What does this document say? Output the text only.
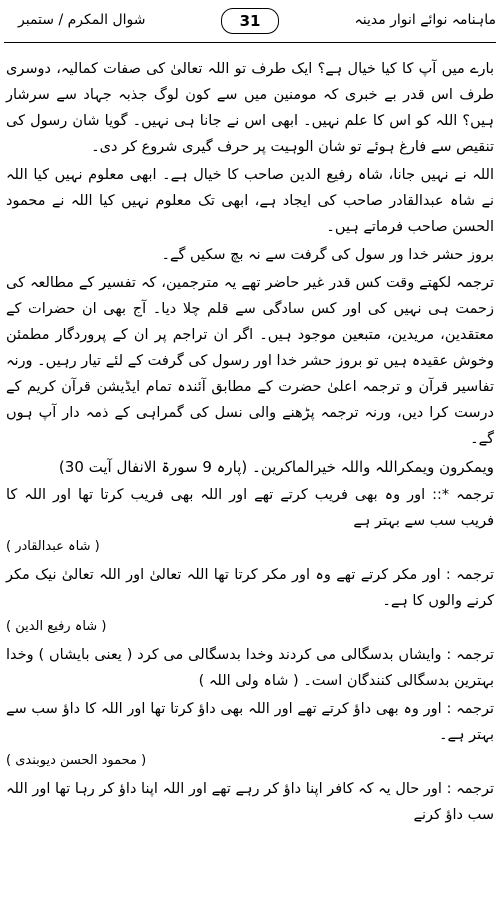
ماہنامہ نوائے انوار مدینہ
31
شوال المکرم / ستمبر

بارے میں آپ کا کیا خیال ہے؟ ایک طرف تو اللہ تعالیٰ کی صفات کمالیہ، دوسری طرف اس قدر بے خبری کہ مومنین میں سے کون لوگ جذبہ جہاد سے سرشار ہیں؟ اللہ کو اس کا علم نہیں۔ ابھی اس نے جانا ہی نہیں۔ گویا شان رسول کی تنقیص سے فارغ ہوئے تو شان الوہیت پر حرف گیری شروع کر دی۔

اللہ نے نہیں جانا، شاہ رفیع الدین صاحب کا خیال ہے۔ ابھی معلوم نہیں کیا اللہ نے شاہ عبدالقادر صاحب کی ایجاد ہے، ابھی تک معلوم نہیں کیا اللہ نے محمود الحسن صاحب فرماتے ہیں۔

بروز حشر خدا ور سول کی گرفت سے نہ بچ سکیں گے۔

ترجمہ لکھتے وقت کس قدر غیر حاضر تھے یہ مترجمین، کہ تفسیر کے مطالعہ کی زحمت ہی نہیں کی اور کس سادگی سے قلم چلا دیا۔ آج بھی ان حضرات کے معتقدین، مریدین، متبعین موجود ہیں۔ اگر ان تراجم پر ان کے پروردگار مطمئن وخوش عقیدہ ہیں تو بروز حشر خدا اور رسول کی گرفت کے لئے تیار رہیں۔ ورنہ تفاسیر قرآن و ترجمہ اعلیٰ حضرت کے مطابق آئندہ تمام ایڈیشن قرآن کریم کے درست کرا دیں، ورنہ ترجمہ پڑھنے والی نسل کی گمراہی کے ذمہ دار آپ ہوں گے۔

ویمکرون ویمکراللہ واللہ خیرالماکرین۔ (پارہ 9 سورۃ الانفال آیت 30)

ترجمہ *:: اور وہ بھی فریب کرتے تھے اور اللہ بھی فریب کرتا تھا اور اللہ کا فریب سب سے بہتر ہے

( شاہ عبدالقادر )

ترجمہ : اور مکر کرتے تھے وہ اور مکر کرتا تھا اللہ تعالیٰ اور اللہ تعالیٰ نیک مکر کرنے والوں کا ہے۔

( شاہ رفیع الدین )

ترجمہ : وایشاں بدسگالی می کردند وخدا بدسگالی می کرد ( یعنی بایشاں ) وخدا بہترین بدسگالی کنندگان است۔ ( شاہ ولی اللہ )

ترجمہ : اور وہ بھی داؤ کرتے تھے اور اللہ بھی داؤ کرتا تھا اور اللہ کا داؤ سب سے بہتر ہے۔

( محمود الحسن دیوبندی )

ترجمہ : اور حال یہ کہ کافر اپنا داؤ کر رہے تھے اور اللہ اپنا داؤ کر رہا تھا اور اللہ سب داؤ کرنے
